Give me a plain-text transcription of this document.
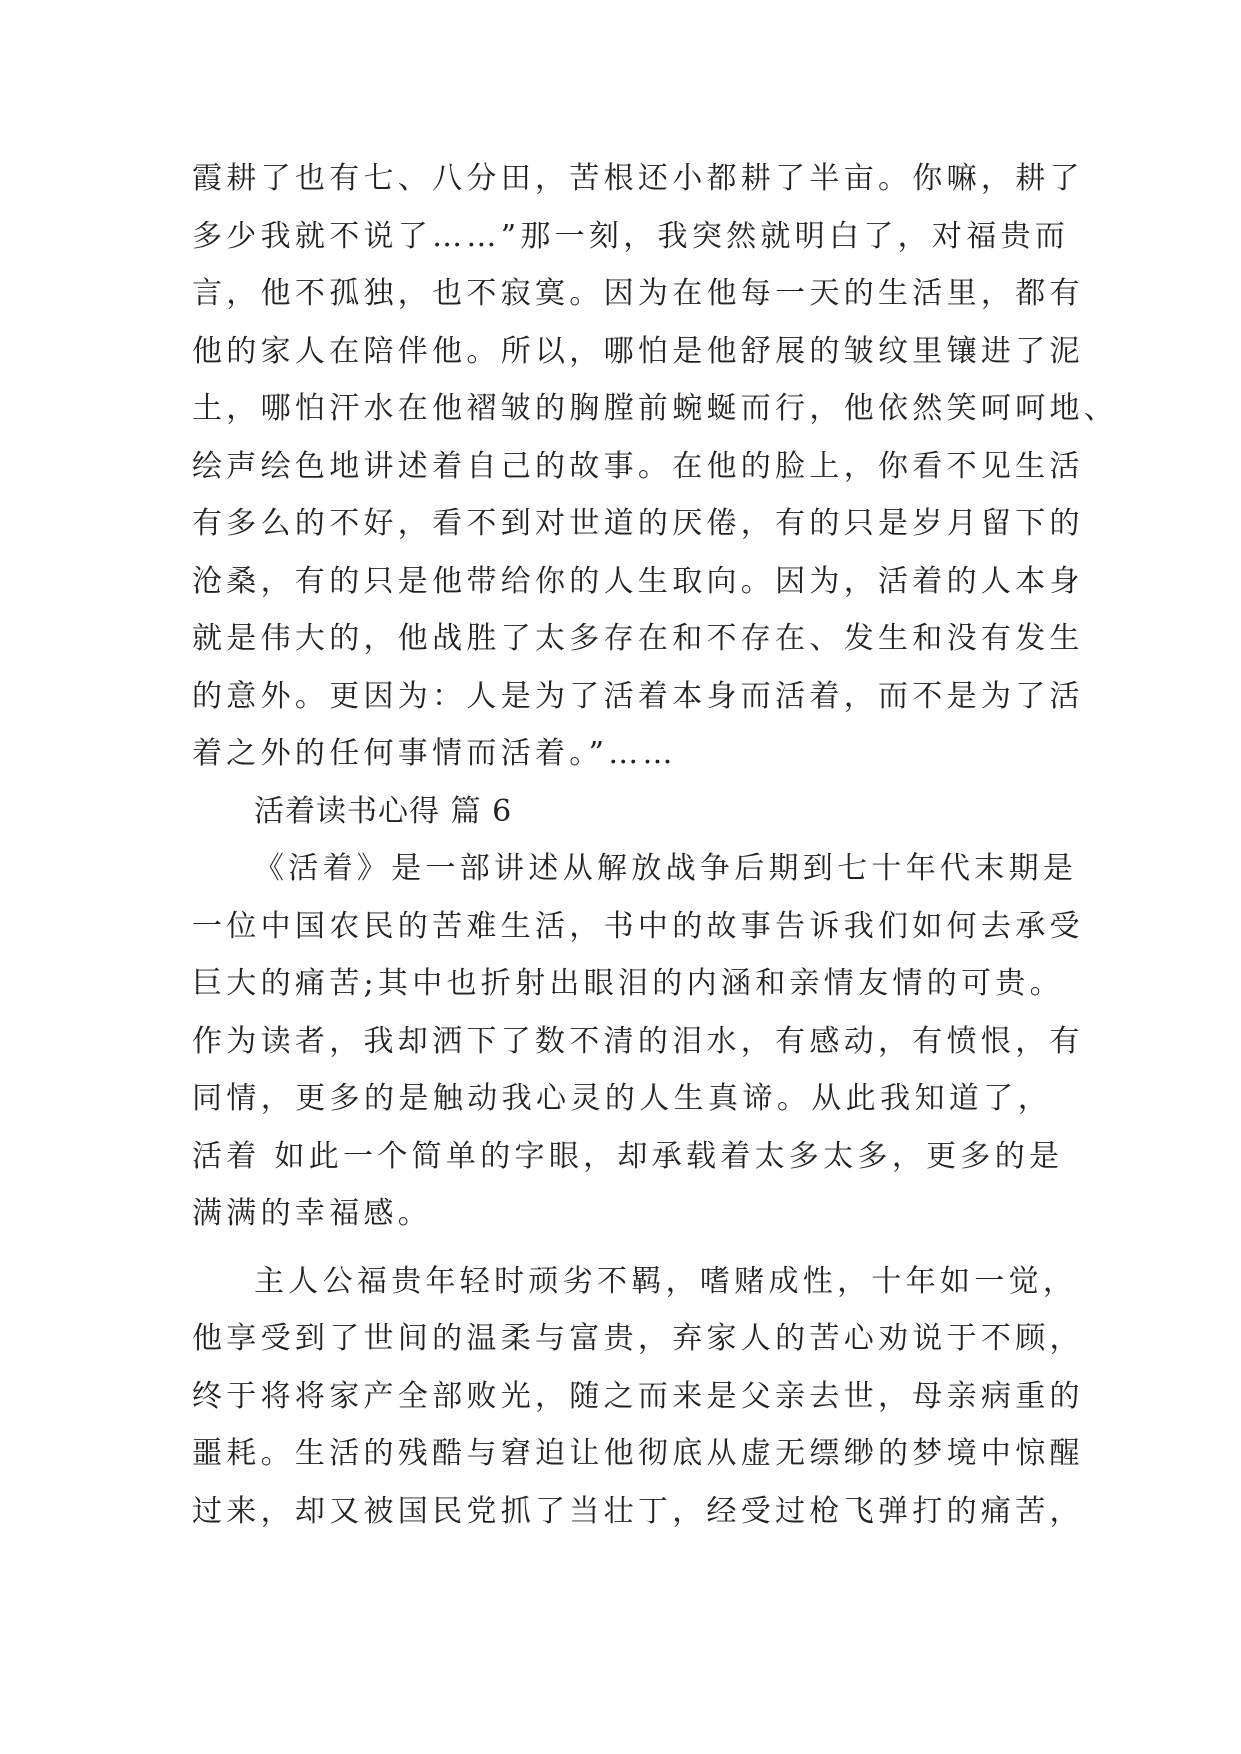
霞耕了也有七、八分田，苦根还小都耕了半亩。你嘛，耕了
多少我就不说了……”那一刻，我突然就明白了，对福贵而
言，他不孤独，也不寂寞。因为在他每一天的生活里，都有
他的家人在陪伴他。所以，哪怕是他舒展的皱纹里镶进了泥
土，哪怕汗水在他褶皱的胸膛前蜿蜒而行，他依然笑呵呵地、
绘声绘色地讲述着自己的故事。在他的脸上，你看不见生活
有多么的不好，看不到对世道的厌倦，有的只是岁月留下的
沧桑，有的只是他带给你的人生取向。因为，活着的人本身
就是伟大的，他战胜了太多存在和不存在、发生和没有发生
的意外。更因为：人是为了活着本身而活着，而不是为了活
着之外的任何事情而活着。”……
活着读书心得 篇 6
《活着》是一部讲述从解放战争后期到七十年代末期是
一位中国农民的苦难生活，书中的故事告诉我们如何去承受
巨大的痛苦;其中也折射出眼泪的内涵和亲情友情的可贵。
作为读者，我却洒下了数不清的泪水，有感动，有愤恨，有
同情，更多的是触动我心灵的人生真谛。从此我知道了，
活着 如此一个简单的字眼，却承载着太多太多，更多的是
满满的幸福感。
主人公福贵年轻时顽劣不羁，嗜赌成性，十年如一觉，
他享受到了世间的温柔与富贵，弃家人的苦心劝说于不顾，
终于将将家产全部败光，随之而来是父亲去世，母亲病重的
噩耗。生活的残酷与窘迫让他彻底从虚无缥缈的梦境中惊醒
过来，却又被国民党抓了当壮丁，经受过枪飞弹打的痛苦，
